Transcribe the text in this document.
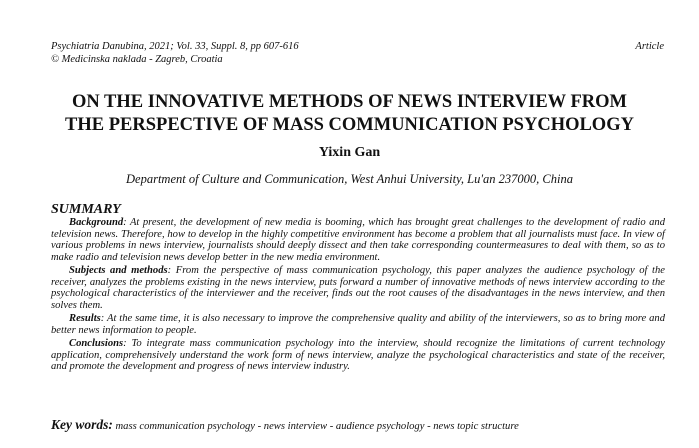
Psychiatria Danubina, 2021; Vol. 33, Suppl. 8, pp 607-616
© Medicinska naklada - Zagreb, Croatia
Article
ON THE INNOVATIVE METHODS OF NEWS INTERVIEW FROM
THE PERSPECTIVE OF MASS COMMUNICATION PSYCHOLOGY
Yixin Gan
Department of Culture and Communication, West Anhui University, Lu'an 237000, China
SUMMARY

Background: At present, the development of new media is booming, which has brought great challenges to the development of radio and television news. Therefore, how to develop in the highly competitive environment has become a problem that all journalists must face. In view of various problems in news interview, journalists should deeply dissect and then take corresponding countermeasures to deal with them, so as to make radio and television news develop better in the new media environment.

Subjects and methods: From the perspective of mass communication psychology, this paper analyzes the audience psychology of the receiver, analyzes the problems existing in the news interview, puts forward a number of innovative methods of news interview according to the psychological characteristics of the interviewer and the receiver, finds out the root causes of the disadvantages in the news interview, and then solves them.

Results: At the same time, it is also necessary to improve the comprehensive quality and ability of the interviewers, so as to bring more and better news information to people.

Conclusions: To integrate mass communication psychology into the interview, should recognize the limitations of current technology application, comprehensively understand the work form of news interview, analyze the psychological characteristics and state of the receiver, and promote the development and progress of news interview industry.

Key words: mass communication psychology - news interview - audience psychology - news topic structure
